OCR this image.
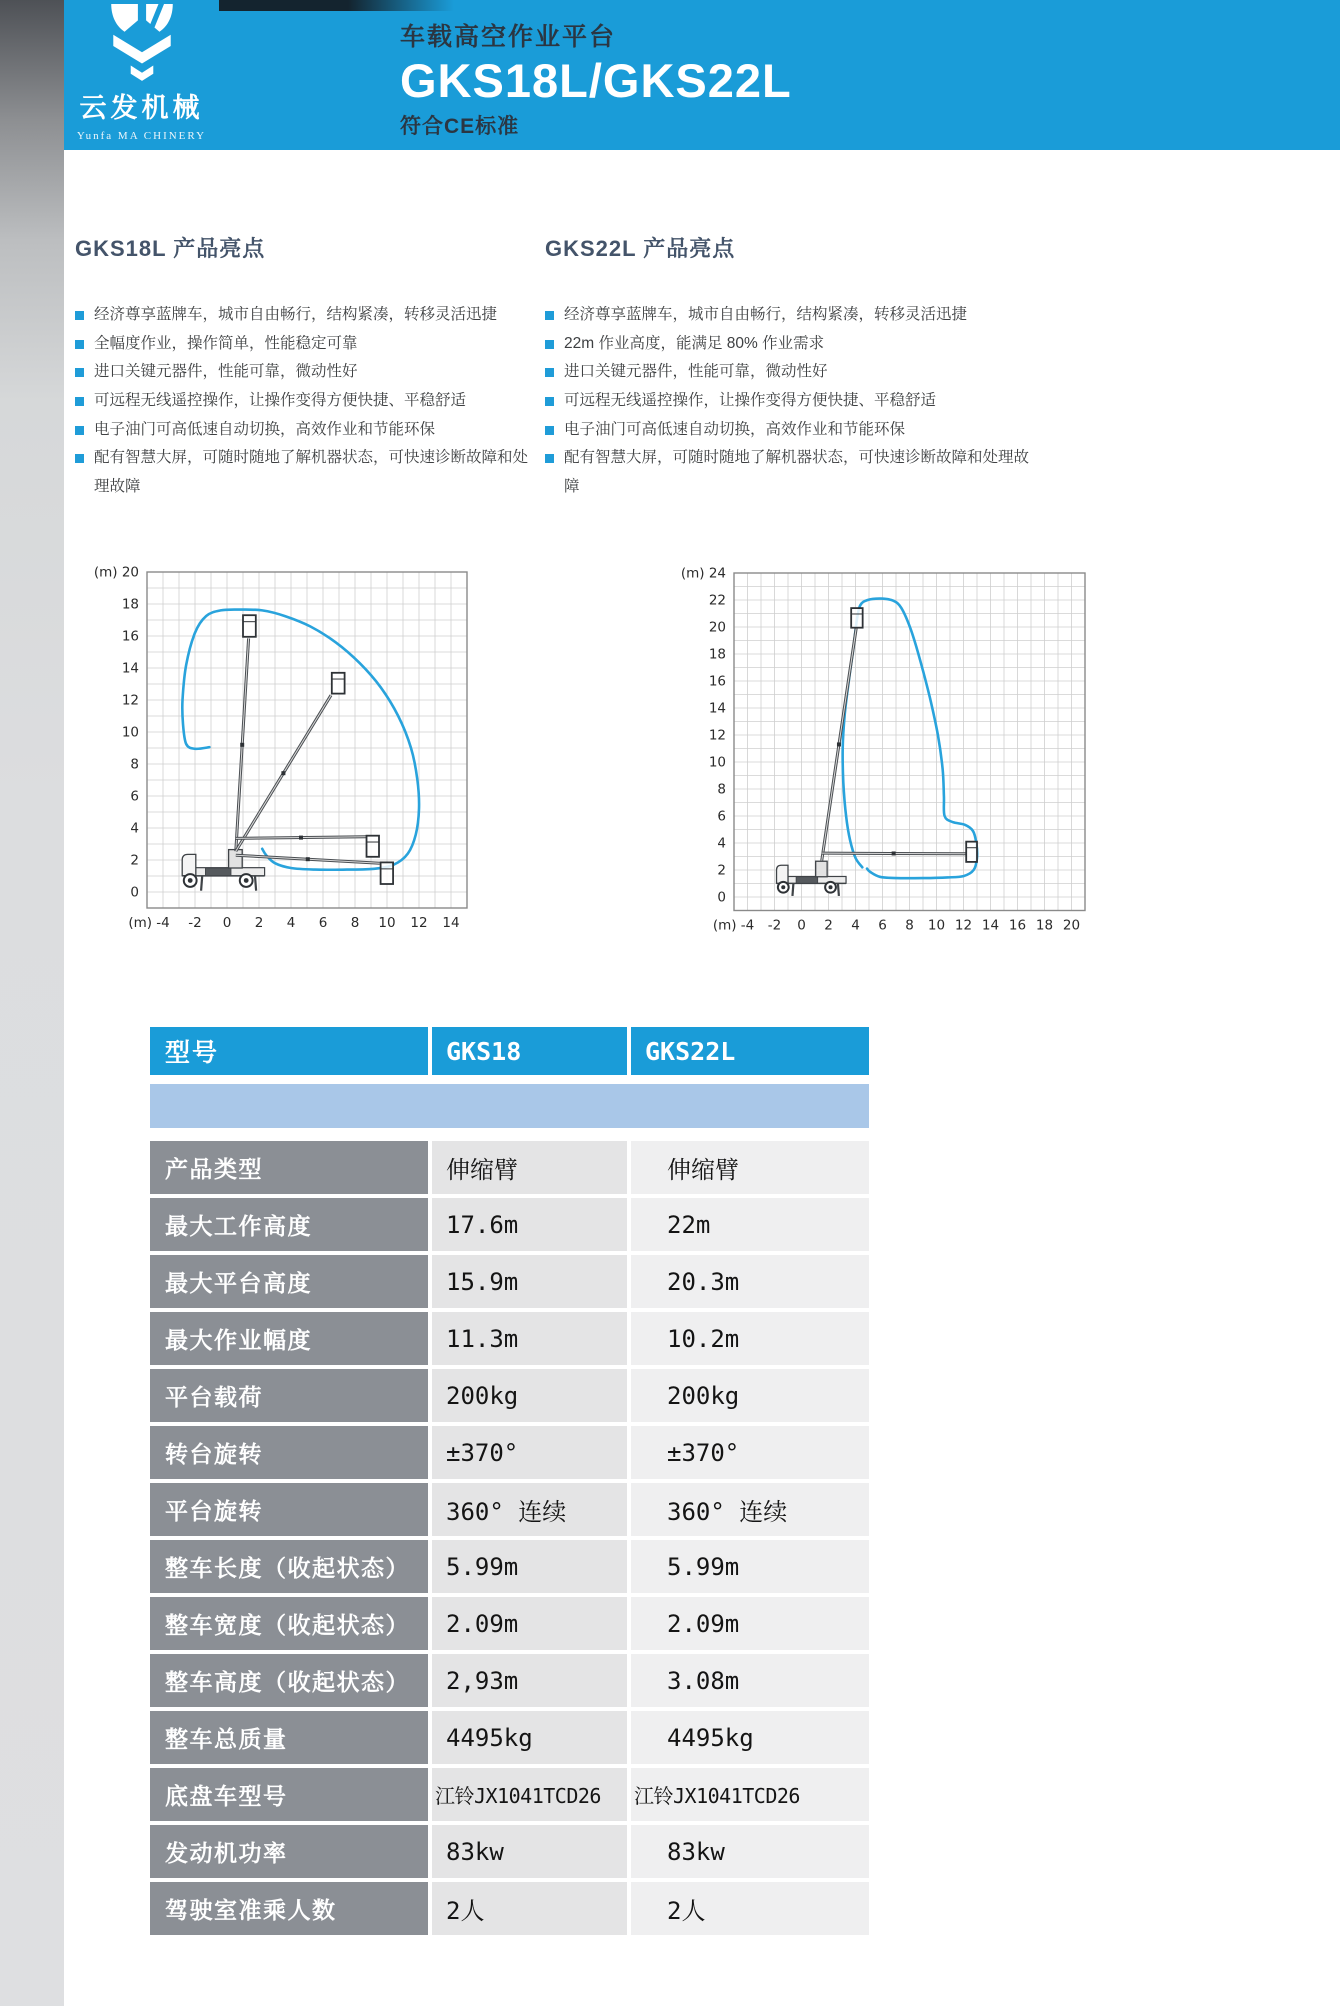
云发机械
Yunfa MA CHINERY
车载高空作业平台
GKS18L/GKS22L
符合CE标准
GKS18L 产品亮点	GKS22L 产品亮点
经济尊享蓝牌车，城市自由畅行，结构紧凑，转移灵活迅捷
全幅度作业，操作简单，性能稳定可靠
进口关键元器件，性能可靠，微动性好
可远程无线遥控操作，让操作变得方便快捷、平稳舒适
电子油门可高低速自动切换，高效作业和节能环保
配有智慧大屏，可随时随地了解机器状态，可快速诊断故障和处理故障
经济尊享蓝牌车，城市自由畅行，结构紧凑，转移灵活迅捷
22m 作业高度，能满足 80% 作业需求
进口关键元器件，性能可靠，微动性好
可远程无线遥控操作，让操作变得方便快捷、平稳舒适
电子油门可高低速自动切换，高效作业和节能环保
配有智慧大屏，可随时随地了解机器状态，可快速诊断故障和处理故障
0
2
4
6
8
10
12
14
16
18
(m) 20
-4 -2 0 2 4 6 8 10 12 14
(m)
0
2
4
6
8
10
12
14
16
18
20
22
(m) 24
-4 -2 0 2 4 6 8 10 12 14 16 18 20
(m)
型号	GKS18	GKS22L
产品类型	伸缩臂	伸缩臂
最大工作高度	17.6m	22m
最大平台高度	15.9m	20.3m
最大作业幅度	11.3m	10.2m
平台载荷	200kg	200kg
转台旋转	±370°	±370°
平台旋转	360° 连续	360° 连续
整车长度（收起状态）	5.99m	5.99m
整车宽度（收起状态）	2.09m	2.09m
整车高度（收起状态）	2,93m	3.08m
整车总质量	4495kg	4495kg
底盘车型号	江铃JX1041TCD26	江铃JX1041TCD26
发动机功率	83kw	83kw
驾驶室准乘人数	2人	2人
